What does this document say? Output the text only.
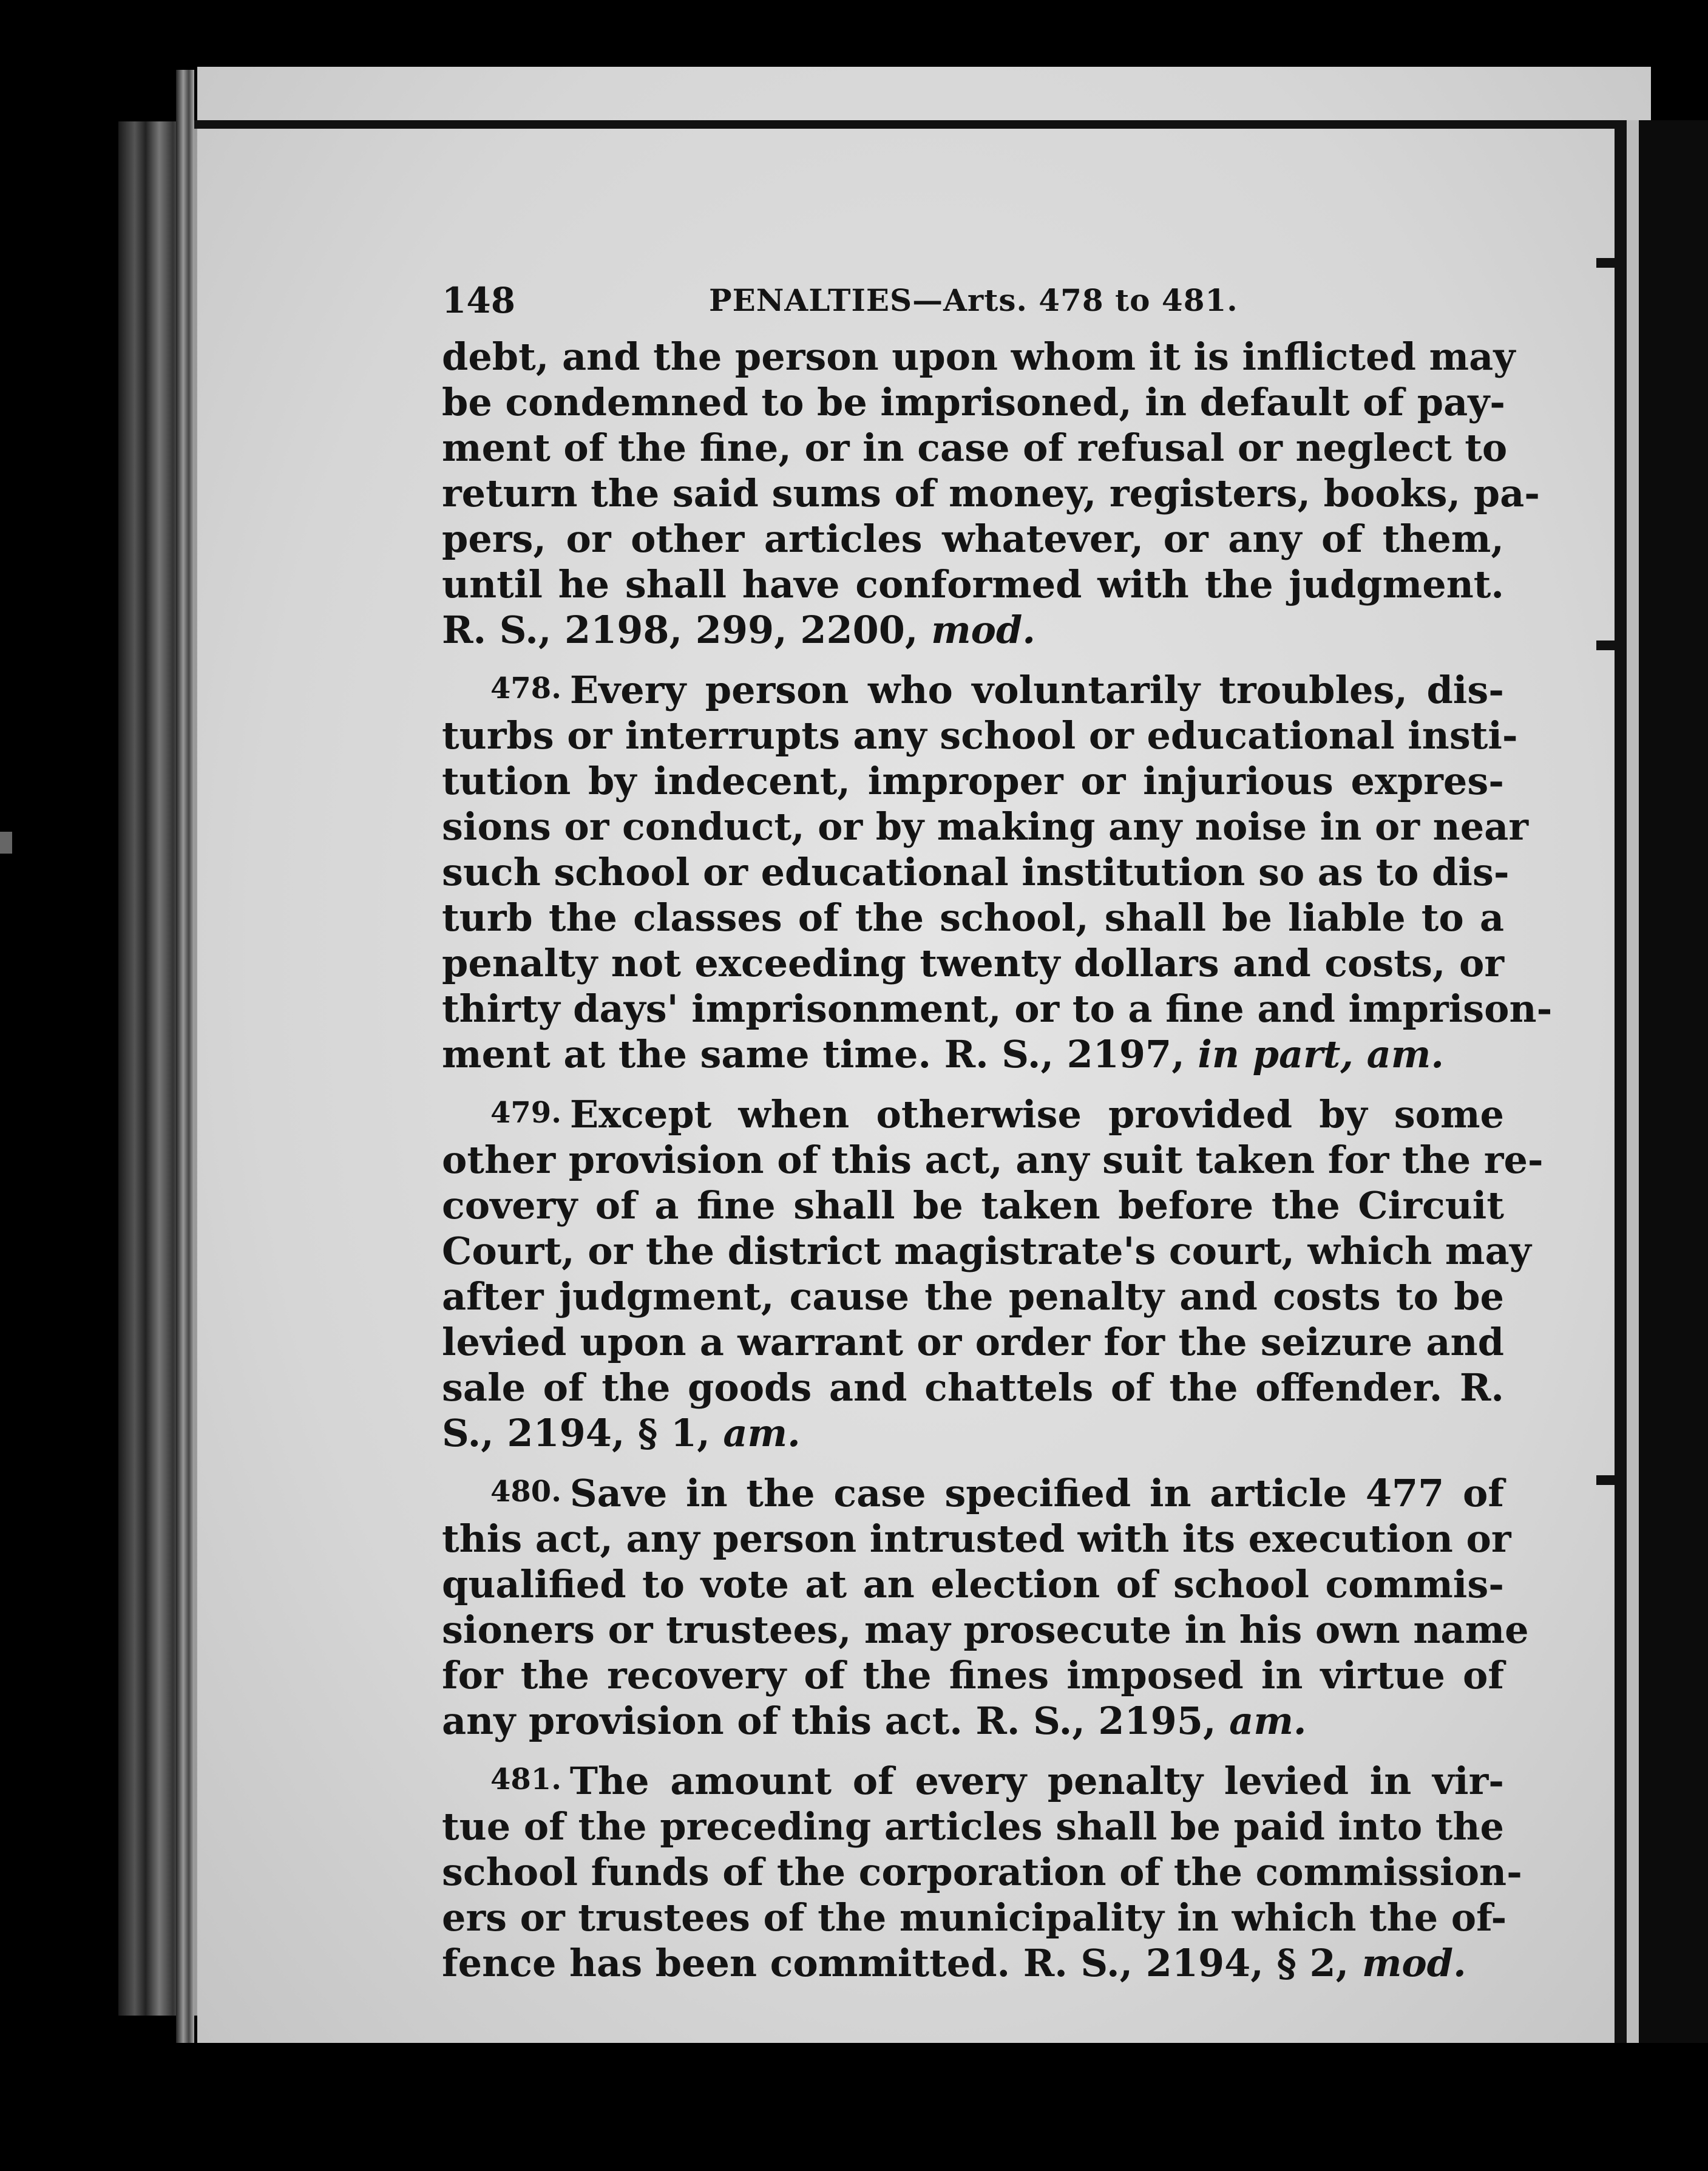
148	PENALTIES—Arts. 478 to 481.
debt, and the person upon whom it is inflicted may
be condemned to be imprisoned, in default of pay-
ment of the fine, or in case of refusal or neglect to
return the said sums of money, registers, books, pa-
pers, or other articles whatever, or any of them,
until he shall have conformed with the judgment.
R. S., 2198, 299, 2200, mod.
478. Every person who voluntarily troubles, dis-
turbs or interrupts any school or educational insti-
tution by indecent, improper or injurious expres-
sions or conduct, or by making any noise in or near
such school or educational institution so as to dis-
turb the classes of the school, shall be liable to a
penalty not exceeding twenty dollars and costs, or
thirty days' imprisonment, or to a fine and imprison-
ment at the same time. R. S., 2197, in part, am.
479. Except when otherwise provided by some
other provision of this act, any suit taken for the re-
covery of a fine shall be taken before the Circuit
Court, or the district magistrate's court, which may
after judgment, cause the penalty and costs to be
levied upon a warrant or order for the seizure and
sale of the goods and chattels of the offender. R.
S., 2194, § 1, am.
480. Save in the case specified in article 477 of
this act, any person intrusted with its execution or
qualified to vote at an election of school commis-
sioners or trustees, may prosecute in his own name
for the recovery of the fines imposed in virtue of
any provision of this act. R. S., 2195, am.
481. The amount of every penalty levied in vir-
tue of the preceding articles shall be paid into the
school funds of the corporation of the commission-
ers or trustees of the municipality in which the of-
fence has been committed. R. S., 2194, § 2, mod.
